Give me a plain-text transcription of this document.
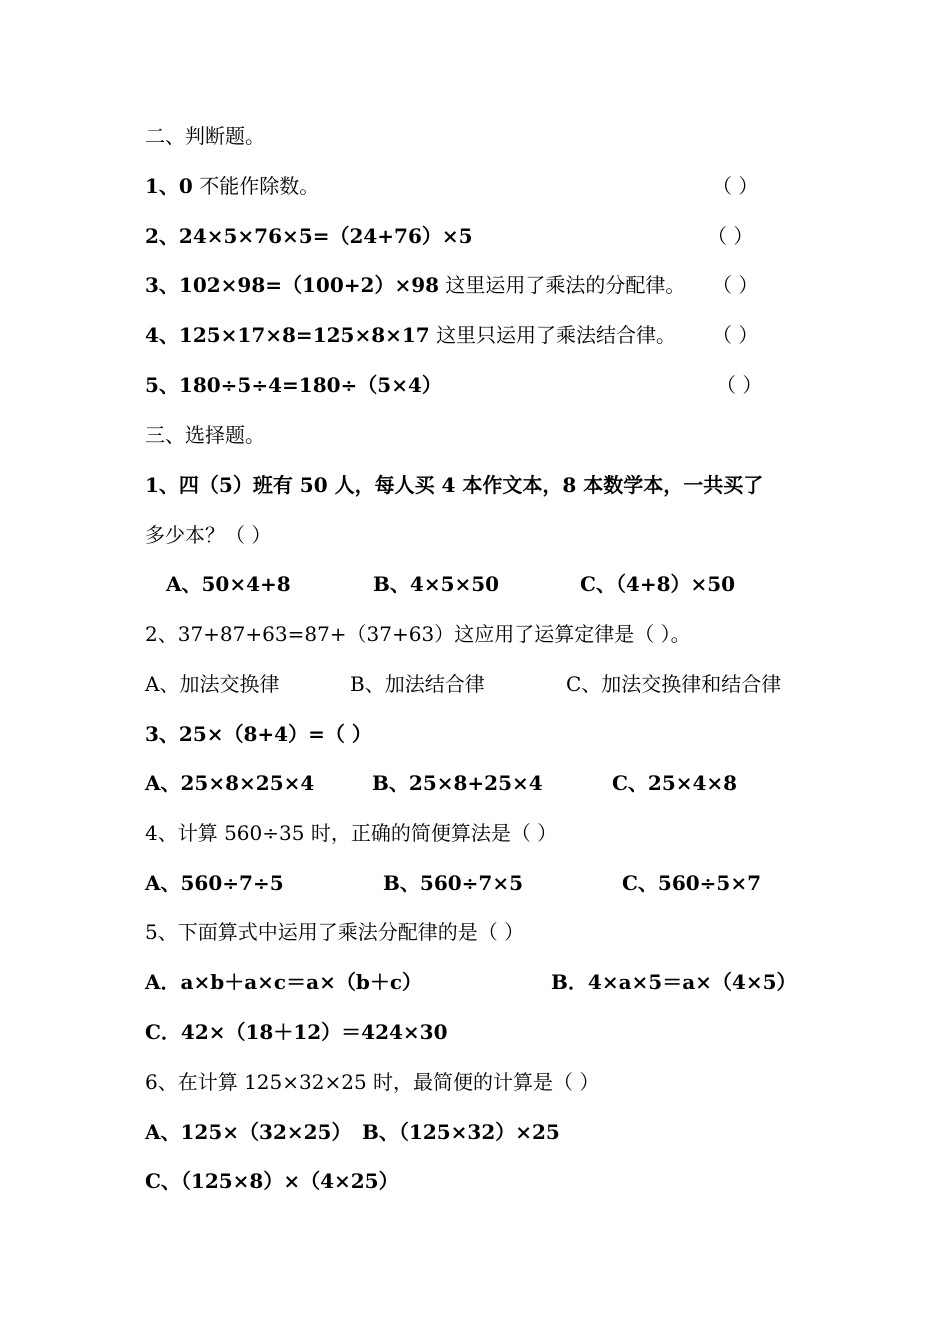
二、判断题。
1、0 不能作除数。	（ ）
2、24×5×76×5=（24+76）×5	（ ）
3、102×98=（100+2）×98 这里运用了乘法的分配律。 （ ）
4、125×17×8=125×8×17 这里只运用了乘法结合律。 （ ）
5、180÷5÷4=180÷（5×4）	（ ）
三、选择题。
1、四（5）班有 50 人，每人买 4 本作文本，8 本数学本，一共买了
多少本？（ ）
A、50×4+8	B、4×5×50	C、（4+8）×50
2、37+87+63=87+（37+63）这应用了运算定律是（ ）。
A、加法交换律	B、加法结合律	C、加法交换律和结合律
3、25×（8+4）=（ ）
A、25×8×25×4	B、25×8+25×4	C、25×4×8
4、计算 560÷35 时，正确的简便算法是（ ）
A、560÷7÷5	B、560÷7×5	C、560÷5×7
5、下面算式中运用了乘法分配律的是（ ）
A．a×b＋a×c＝a×（b＋c）	B．4×a×5＝a×（4×5）
C．42×（18＋12）＝424×30
6、在计算 125×32×25 时，最简便的计算是（ ）
A、125×（32×25） B、（125×32）×25
C、（125×8）×（4×25）
